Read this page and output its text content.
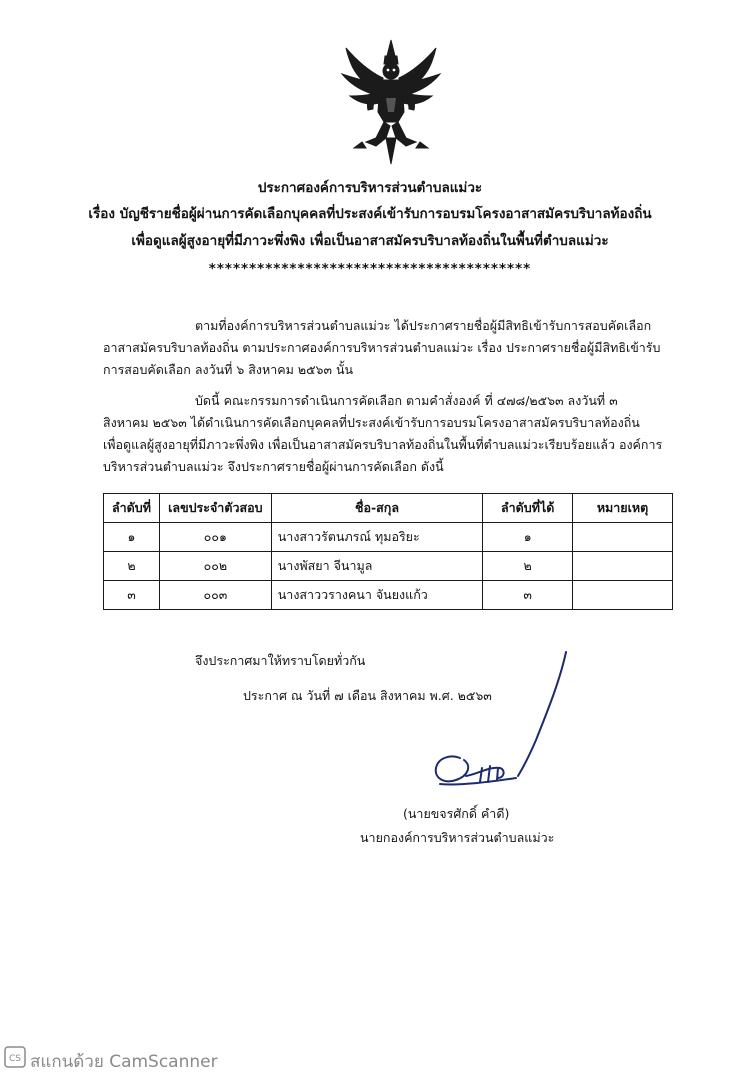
ประกาศองค์การบริหารส่วนตำบลแม่วะ
เรื่อง บัญชีรายชื่อผู้ผ่านการคัดเลือกบุคคลที่ประสงค์เข้ารับการอบรมโครงอาสาสมัครบริบาลท้องถิ่น
เพื่อดูแลผู้สูงอายุที่มีภาวะพึ่งพิง เพื่อเป็นอาสาสมัครบริบาลท้องถิ่นในพื้นที่ตำบลแม่วะ
****************************************
ตามที่องค์การบริหารส่วนตำบลแม่วะ ได้ประกาศรายชื่อผู้มีสิทธิเข้ารับการสอบคัดเลือก
อาสาสมัครบริบาลท้องถิ่น ตามประกาศองค์การบริหารส่วนตำบลแม่วะ เรื่อง ประกาศรายชื่อผู้มีสิทธิเข้ารับ
การสอบคัดเลือก ลงวันที่ ๖ สิงหาคม ๒๕๖๓ นั้น
บัดนี้ คณะกรรมการดำเนินการคัดเลือก ตามคำสั่งองค์ ที่ ๔๗๘/๒๕๖๓ ลงวันที่ ๓
สิงหาคม ๒๕๖๓ ได้ดำเนินการคัดเลือกบุคคลที่ประสงค์เข้ารับการอบรมโครงอาสาสมัครบริบาลท้องถิ่น
เพื่อดูแลผู้สูงอายุที่มีภาวะพึ่งพิง เพื่อเป็นอาสาสมัครบริบาลท้องถิ่นในพื้นที่ตำบลแม่วะเรียบร้อยแล้ว องค์การ
บริหารส่วนตำบลแม่วะ จึงประกาศรายชื่อผู้ผ่านการคัดเลือก ดังนี้
ลำดับที่	เลขประจำตัวสอบ	ชื่อ-สกุล	ลำดับที่ได้	หมายเหตุ
๑	๐๐๑	นางสาวรัตนภรณ์ ทุมอริยะ	๑	
๒	๐๐๒	นางพัสยา จีนามูล	๒	
๓	๐๐๓	นางสาววรางคนา จันยงแก้ว	๓	
จึงประกาศมาให้ทราบโดยทั่วกัน
ประกาศ ณ วันที่ ๗ เดือน สิงหาคม พ.ศ. ๒๕๖๓
(นายขจรศักดิ์ คำดี)
นายกองค์การบริหารส่วนตำบลแม่วะ
CS สแกนด้วย CamScanner
